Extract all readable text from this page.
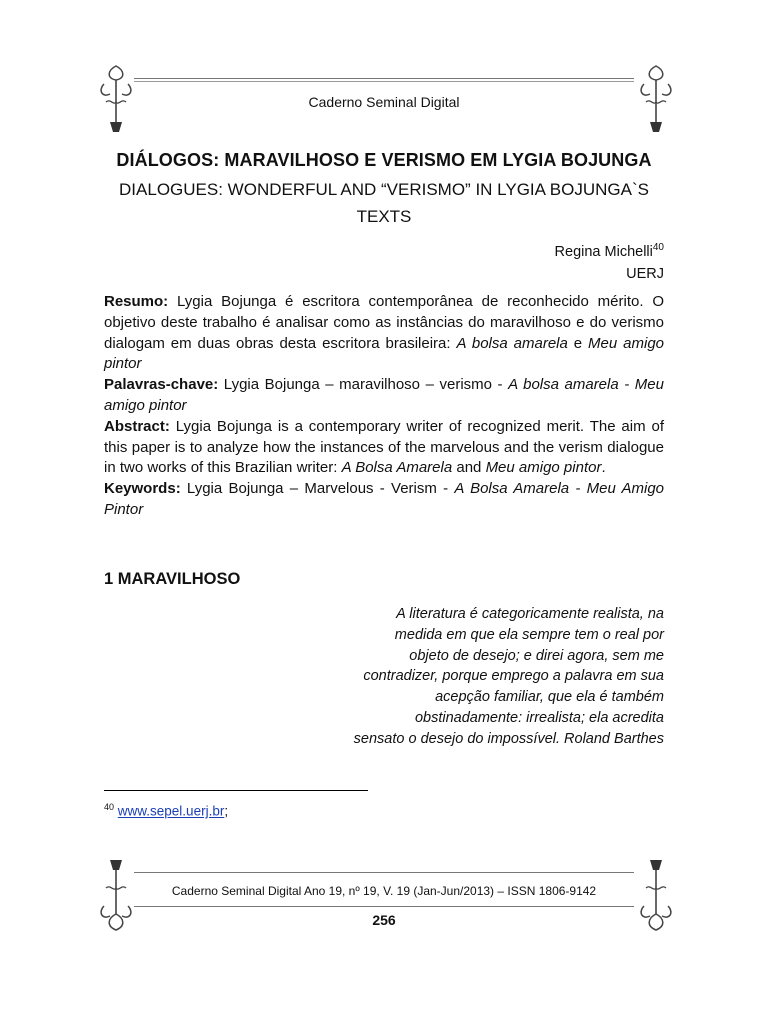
Caderno Seminal Digital
DIÁLOGOS: MARAVILHOSO E VERISMO EM LYGIA BOJUNGA
DIALOGUES: WONDERFUL AND “VERISMO” IN LYGIA BOJUNGA`S
TEXTS
Regina Michelli$^{40}$
UERJ

Resumo: Lygia Bojunga é escritora contemporânea de reconhecido mérito. O objetivo deste trabalho é analisar como as instâncias do maravilhoso e do verismo dialogam em duas obras desta escritora brasileira: A bolsa amarela e Meu amigo pintor

Palavras-chave: Lygia Bojunga – maravilhoso – verismo - A bolsa amarela - Meu amigo pintor

Abstract: Lygia Bojunga is a contemporary writer of recognized merit. The aim of this paper is to analyze how the instances of the marvelous and the verism dialogue in two works of this Brazilian writer: A Bolsa Amarela and Meu amigo pintor.

Keywords: Lygia Bojunga – Marvelous - Verism - A Bolsa Amarela - Meu Amigo Pintor

1 MARAVILHOSO
A literatura é categoricamente realista, na
medida em que ela sempre tem o real por
objeto de desejo; e direi agora, sem me
contradizer, porque emprego a palavra em sua
acepção familiar, que ela é também
obstinadamente: irrealista; ela acredita
sensato o desejo do impossível. Roland Barthes
$^{40}$ www.sepel.uerj.br;
Caderno Seminal Digital Ano 19, nº 19, V. 19 (Jan-Jun/2013) – ISSN 1806-9142
256
